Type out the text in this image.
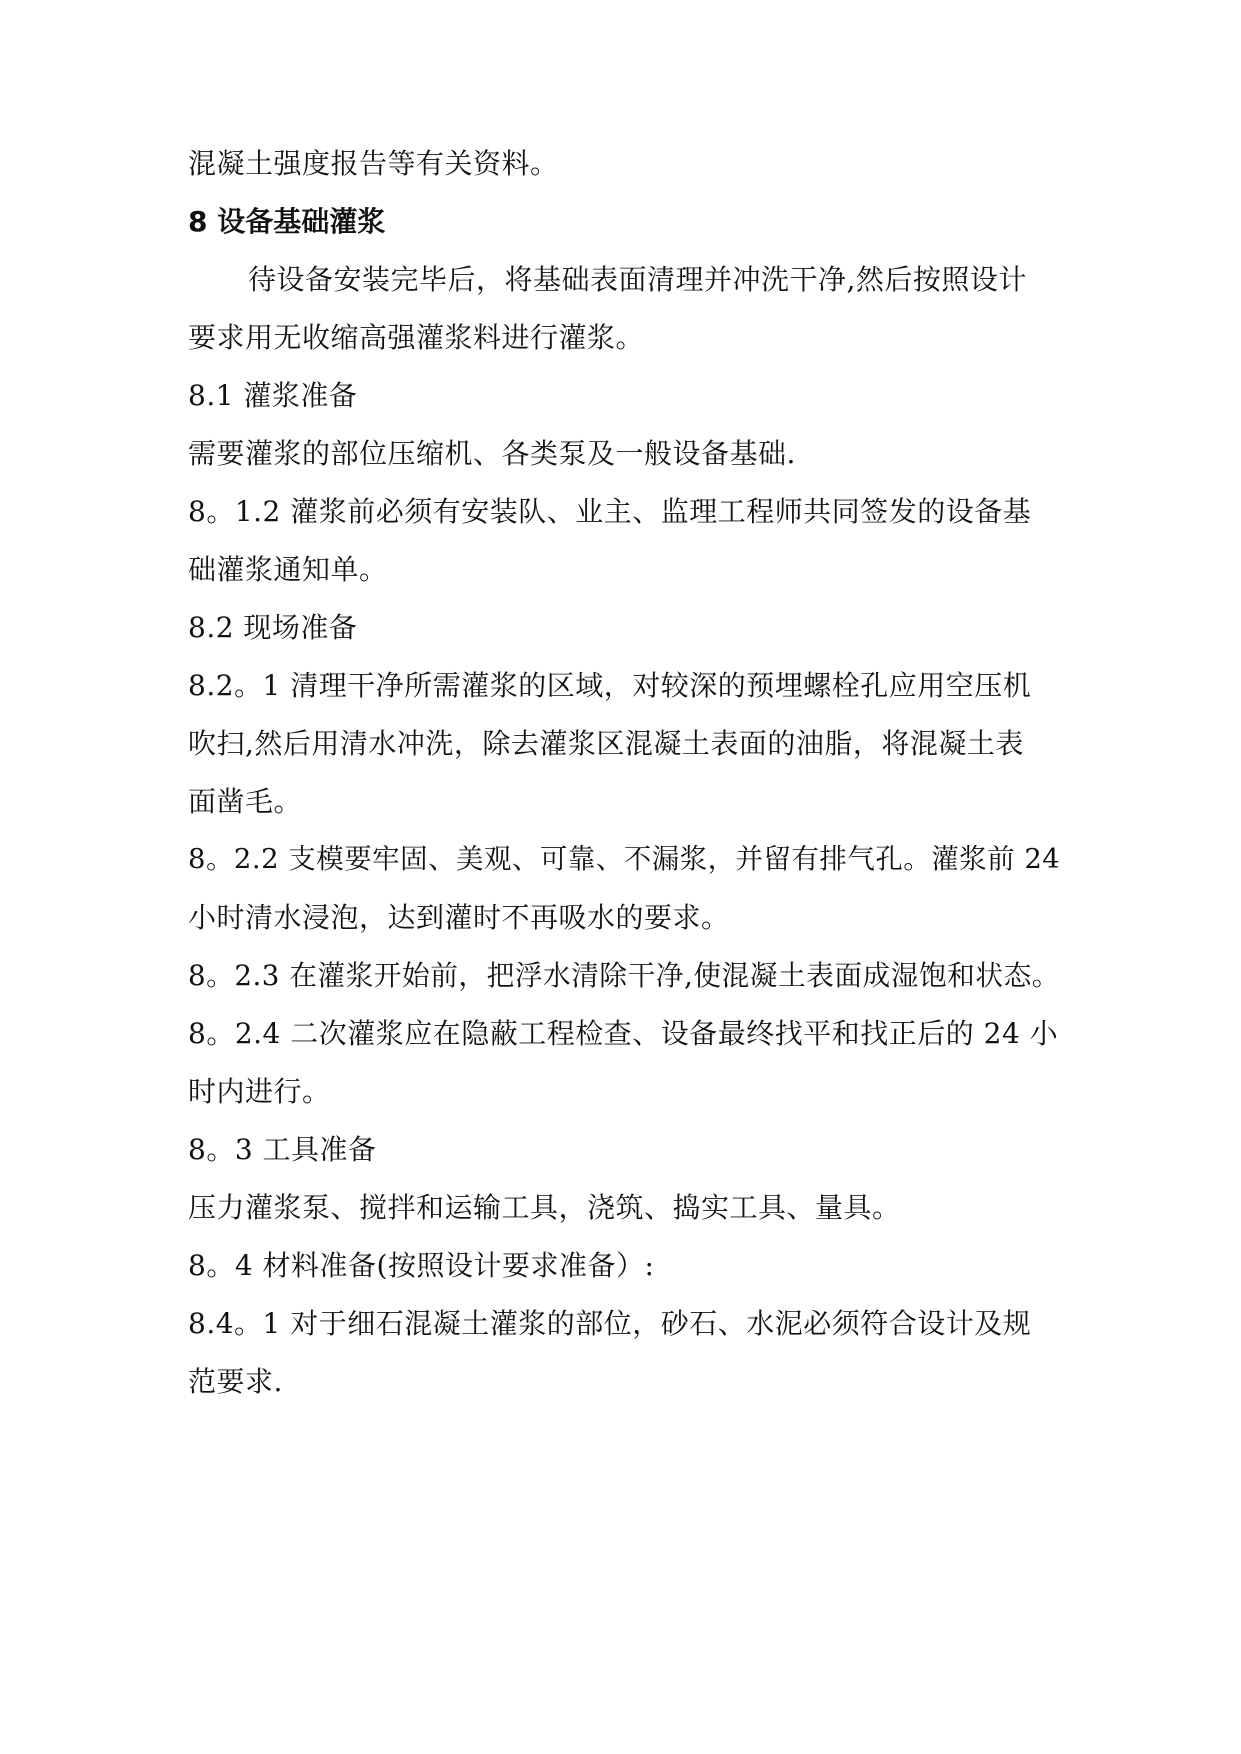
混凝土强度报告等有关资料。
8 设备基础灌浆
待设备安装完毕后，将基础表面清理并冲洗干净,然后按照设计
要求用无收缩高强灌浆料进行灌浆。
8.1 灌浆准备
需要灌浆的部位压缩机、各类泵及一般设备基础.
8。1.2 灌浆前必须有安装队、业主、监理工程师共同签发的设备基
础灌浆通知单。
8.2 现场准备
8.2。1 清理干净所需灌浆的区域，对较深的预埋螺栓孔应用空压机
吹扫,然后用清水冲洗，除去灌浆区混凝土表面的油脂，将混凝土表
面凿毛。
8。2.2 支模要牢固、美观、可靠、不漏浆，并留有排气孔。灌浆前 24
小时清水浸泡，达到灌时不再吸水的要求。
8。2.3 在灌浆开始前，把浮水清除干净,使混凝土表面成湿饱和状态。
8。2.4 二次灌浆应在隐蔽工程检查、设备最终找平和找正后的 24 小
时内进行。
8。3 工具准备
压力灌浆泵、搅拌和运输工具，浇筑、捣实工具、量具。
8。4 材料准备(按照设计要求准备）:
8.4。1 对于细石混凝土灌浆的部位，砂石、水泥必须符合设计及规
范要求.
